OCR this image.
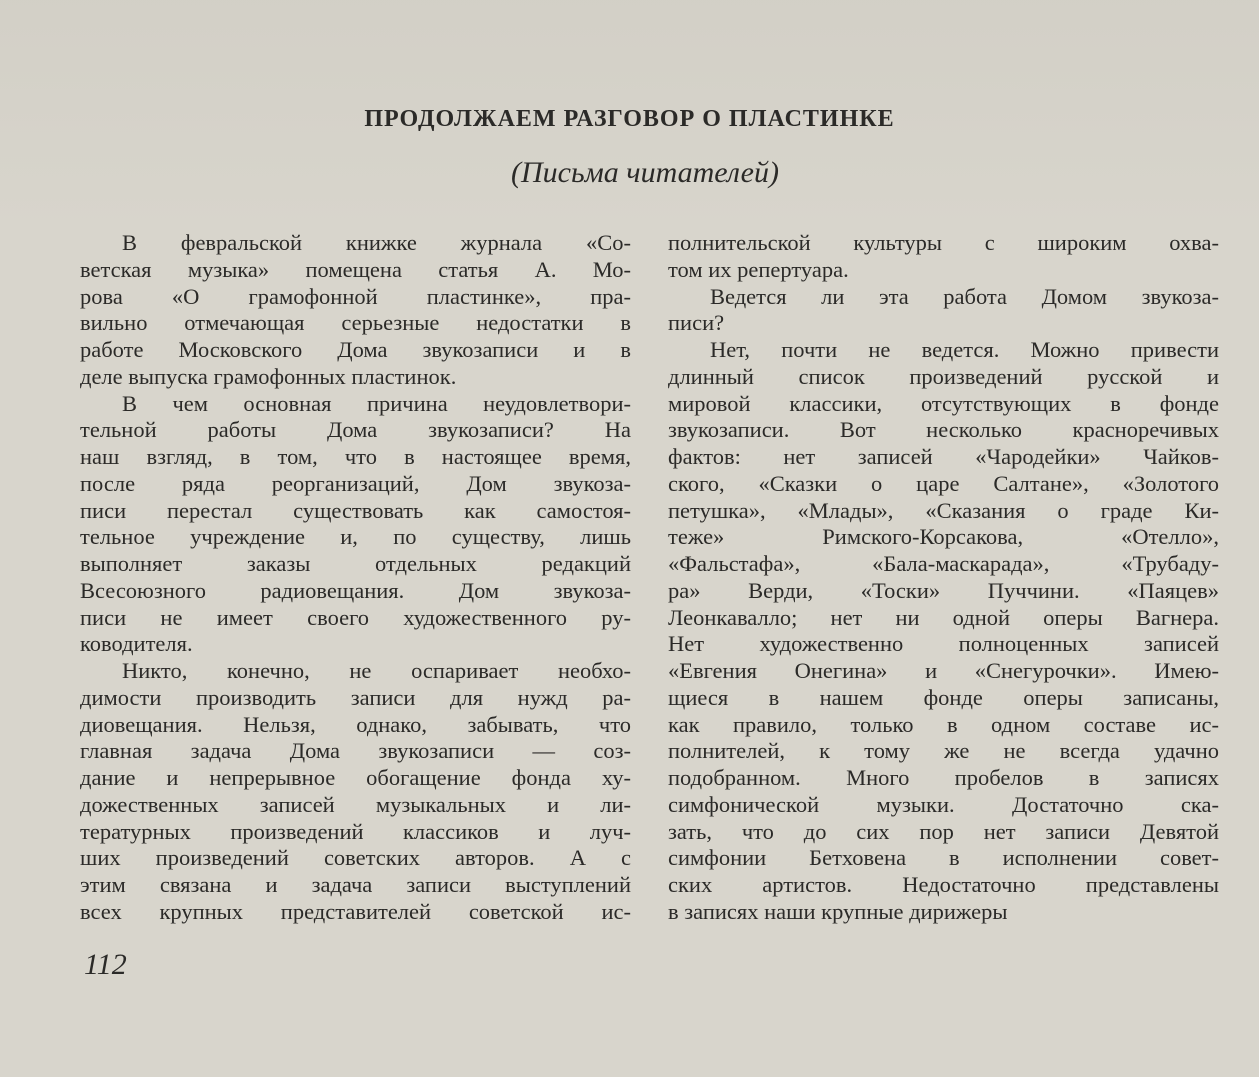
ПРОДОЛЖАЕМ РАЗГОВОР О ПЛАСТИНКЕ
(Письма читателей)
В февральской книжке журнала «Со-
ветская музыка» помещена статья А. Мо-
рова «О грамофонной пластинке», пра-
вильно отмечающая серьезные недостатки в
работе Московского Дома звукозаписи и в
деле выпуска грамофонных пластинок.
В чем основная причина неудовлетвори-
тельной работы Дома звукозаписи? На
наш взгляд, в том, что в настоящее время,
после ряда реорганизаций, Дом звукоза-
писи перестал существовать как самостоя-
тельное учреждение и, по существу, лишь
выполняет заказы отдельных редакций
Всесоюзного радиовещания. Дом звукоза-
писи не имеет своего художественного ру-
ководителя.
Никто, конечно, не оспаривает необхо-
димости производить записи для нужд ра-
диовещания. Нельзя, однако, забывать, что
главная задача Дома звукозаписи — соз-
дание и непрерывное обогащение фонда ху-
дожественных записей музыкальных и ли-
тературных произведений классиков и луч-
ших произведений советских авторов. А с
этим связана и задача записи выступлений
всех крупных представителей советской ис-
полнительской культуры с широким охва-
том их репертуара.
Ведется ли эта работа Домом звукоза-
писи?
Нет, почти не ведется. Можно привести
длинный список произведений русской и
мировой классики, отсутствующих в фонде
звукозаписи. Вот несколько красноречивых
фактов: нет записей «Чародейки» Чайков-
ского, «Сказки о царе Салтане», «Золотого
петушка», «Млады», «Сказания о граде Ки-
теже» Римского-Корсакова, «Отелло»,
«Фальстафа», «Бала-маскарада», «Трубаду-
ра» Верди, «Тоски» Пуччини. «Паяцев»
Леонкавалло; нет ни одной оперы Вагнера.
Нет художественно полноценных записей
«Евгения Онегина» и «Снегурочки». Имею-
щиеся в нашем фонде оперы записаны,
как правило, только в одном составе ис-
полнителей, к тому же не всегда удачно
подобранном. Много пробелов в записях
симфонической музыки. Достаточно ска-
зать, что до сих пор нет записи Девятой
симфонии Бетховена в исполнении совет-
ских артистов. Недостаточно представлены
в записях наши крупные дирижеры
112
